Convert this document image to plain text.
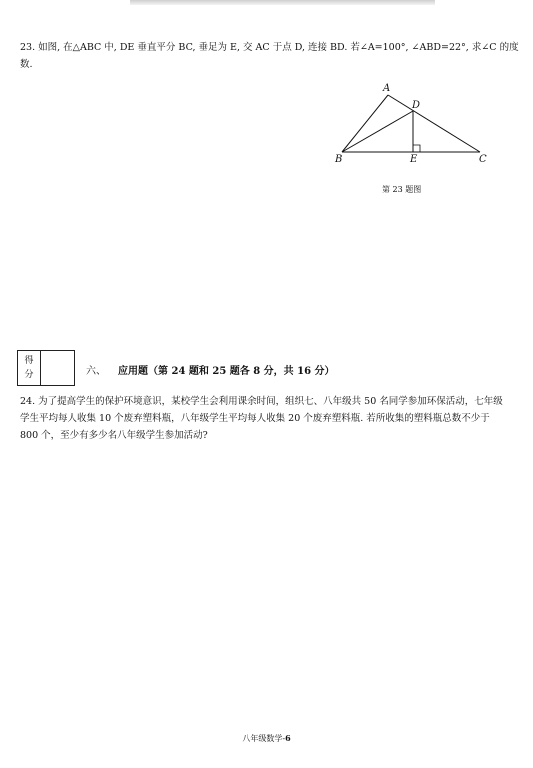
23. 如图, 在△ABC 中, DE 垂直平分 BC, 垂足为 E, 交 AC 于点 D, 连接 BD. 若∠A=100°, ∠ABD=22°, 求∠C 的度数.
A
B	C
D
E
第 23 题图
得
分	六、 应用题（第 24 题和 25 题各 8 分，共 16 分）
24. 为了提高学生的保护环境意识，某校学生会利用课余时间，组织七、八年级共 50 名同学参加环保活动，七年级学生平均每人收集 10 个废弃塑料瓶，八年级学生平均每人收集 20 个废弃塑料瓶. 若所收集的塑料瓶总数不少于 800 个，至少有多少名八年级学生参加活动?
八年级数学-6
